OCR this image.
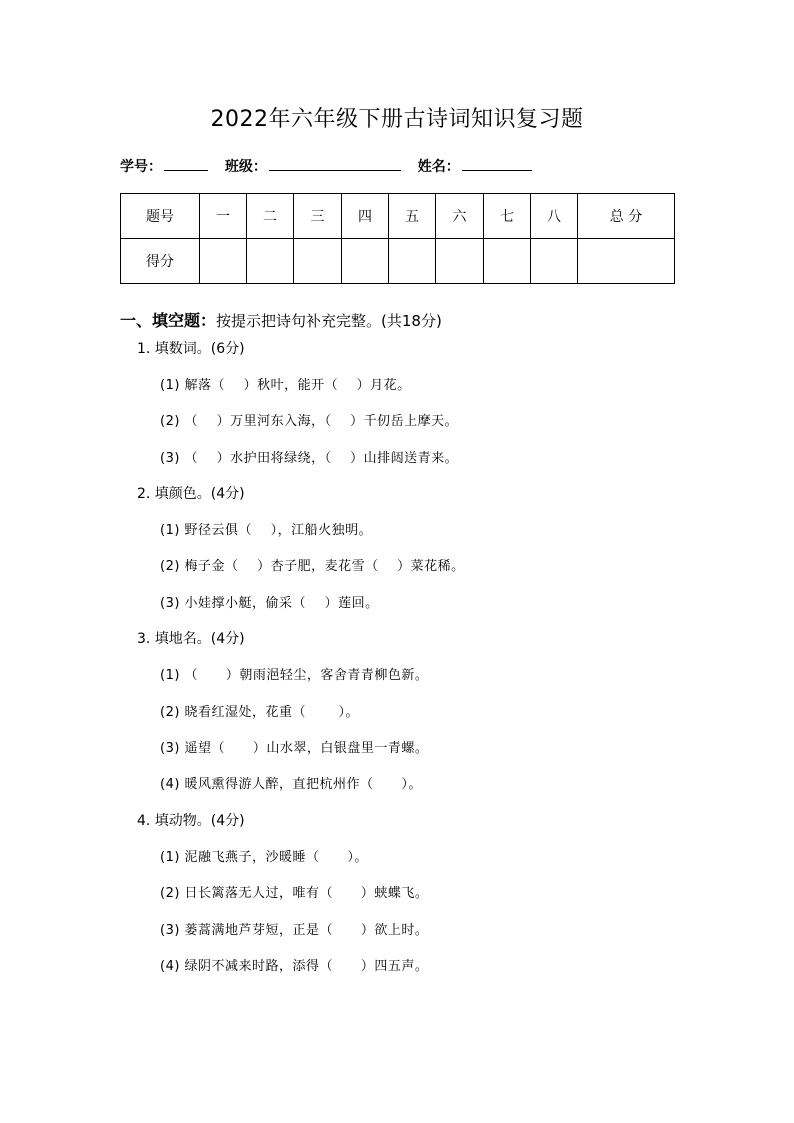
2022年六年级下册古诗词知识复习题
学号：	班级：	姓名：
题号	一	二	三	四	五	六	七	八	总 分
得分									
一、填空题：按提示把诗句补充完整。(共18分)
1. 填数词。(6分)
(1) 解落（    ）秋叶，能开（    ）月花。
(2) （    ）万里河东入海，（    ）千仞岳上摩天。
(3) （    ）水护田将绿绕，（    ）山排闼送青来。
2. 填颜色。(4分)
(1) 野径云俱（    ），江船火独明。
(2) 梅子金（    ）杏子肥，麦花雪（    ）菜花稀。
(3) 小娃撑小艇，偷采（    ）莲回。
3. 填地名。(4分)
(1) （      ）朝雨浥轻尘，客舍青青柳色新。
(2) 晓看红湿处，花重（       ）。
(3) 遥望（      ）山水翠，白银盘里一青螺。
(4) 暖风熏得游人醉，直把杭州作（      ）。
4. 填动物。(4分)
(1) 泥融飞燕子，沙暖睡（      ）。
(2) 日长篱落无人过，唯有（      ）蛱蝶飞。
(3) 蒌蒿满地芦芽短，正是（      ）欲上时。
(4) 绿阴不减来时路，添得（      ）四五声。
